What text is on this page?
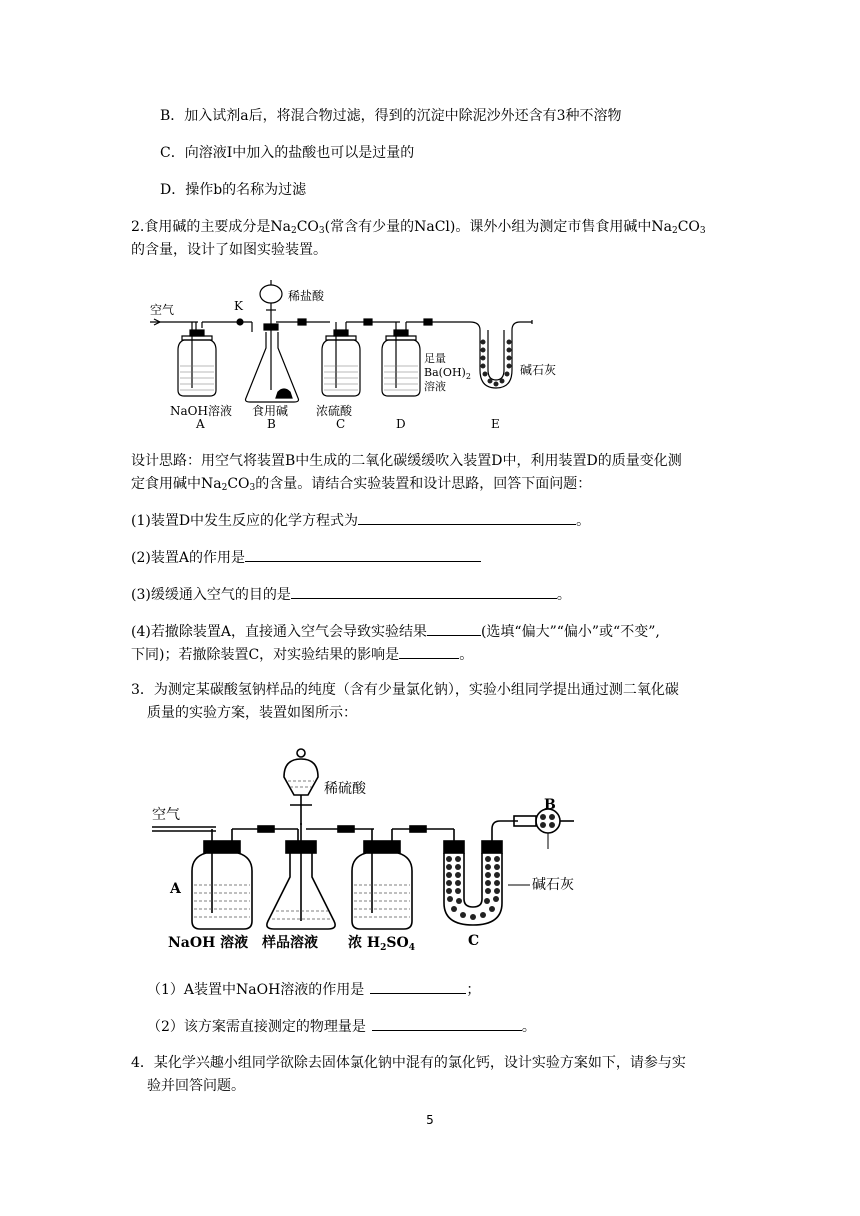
B．加入试剂a后，将混合物过滤，得到的沉淀中除泥沙外还含有3种不溶物
C．向溶液Ⅰ中加入的盐酸也可以是过量的
D．操作b的名称为过滤
2.食用碱的主要成分是$Na_2CO_3$(常含有少量的NaCl)。课外小组为测定市售食用碱中$Na_2CO_3$
的含量，设计了如图实验装置。
空气	K
稀盐酸
足量
$Ba(OH)_2$
溶液
碱石灰
NaOH溶液 食用碱 浓硫酸
A	B	C	D	E
设计思路：用空气将装置B中生成的二氧化碳缓缓吹入装置D中，利用装置D的质量变化测
定食用碱中$Na_2CO_3$的含量。请结合实验装置和设计思路，回答下面问题：
(1)装置D中发生反应的化学方程式为	。
(2)装置A的作用是
(3)缓缓通入空气的目的是	。
(4)若撤除装置A，直接通入空气会导致实验结果	(选填“偏大”“偏小”或“不变”,
下同)；若撤除装置C，对实验结果的影响是	。
3．为测定某碳酸氢钠样品的纯度（含有少量氯化钠），实验小组同学提出通过测二氧化碳
质量的实验方案，装置如图所示：
空气
稀硫酸
B
碱石灰
A
C
NaOH 溶液 样品溶液 浓 $H_2SO_4$
（1）A装置中NaOH溶液的作用是	；
（2）该方案需直接测定的物理量是	。
4．某化学兴趣小组同学欲除去固体氯化钠中混有的氯化钙，设计实验方案如下，请参与实
验并回答问题。
5
